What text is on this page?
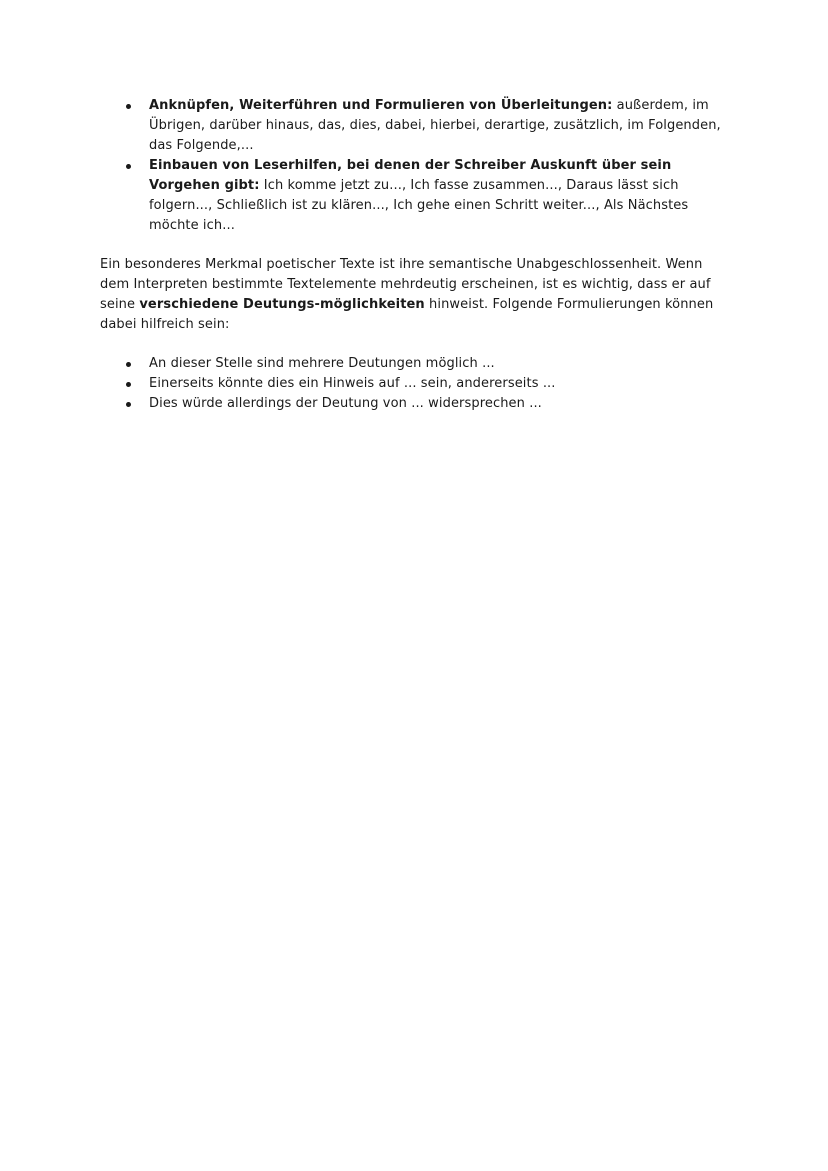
Anknüpfen, Weiterführen und Formulieren von Überleitungen: außerdem, im Übrigen, darüber hinaus, das, dies, dabei, hierbei, derartige, zusätzlich, im Folgenden, das Folgende,...
Einbauen von Leserhilfen, bei denen der Schreiber Auskunft über sein Vorgehen gibt: Ich komme jetzt zu..., Ich fasse zusammen..., Daraus lässt sich folgern..., Schließlich ist zu klären..., Ich gehe einen Schritt weiter..., Als Nächstes möchte ich...

Ein besonderes Merkmal poetischer Texte ist ihre semantische Unabgeschlossenheit. Wenn dem Interpreten bestimmte Textelemente mehrdeutig erscheinen, ist es wichtig, dass er auf seine verschiedene Deutungs-möglichkeiten hinweist. Folgende Formulierungen können dabei hilfreich sein:

An dieser Stelle sind mehrere Deutungen möglich ...
Einerseits könnte dies ein Hinweis auf ... sein, andererseits ...
Dies würde allerdings der Deutung von ... widersprechen ...
